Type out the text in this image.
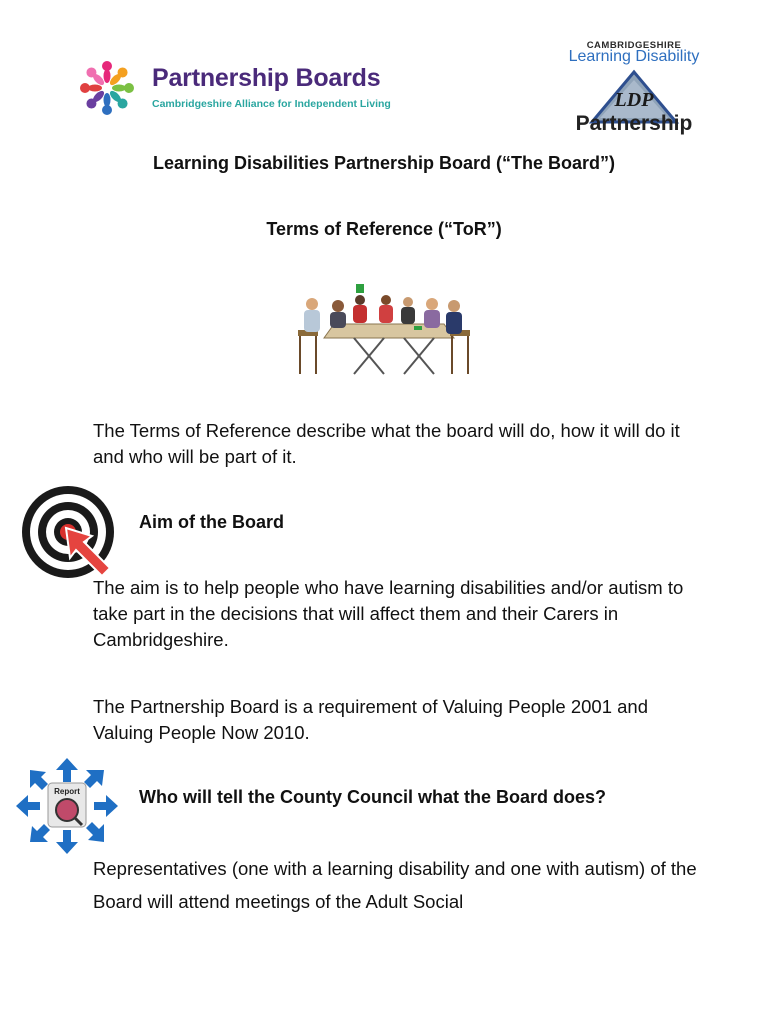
Partnership Boards
Cambridgeshire Alliance for Independent Living
CAMBRIDGESHIRE
Learning Disability
LDP
Partnership
Learning Disabilities Partnership Board (“The Board”)
Terms of Reference (“ToR”)
The Terms of Reference describe what the board will do, how it will do it and who will be part of it.
Aim of the Board
The aim is to help people who have learning disabilities and/or autism to take part in the decisions that will affect them and their Carers in Cambridgeshire.
The Partnership Board is a requirement of Valuing People 2001 and Valuing People Now 2010.
Report	Who will tell the County Council what the Board does?
Representatives (one with a learning disability and one with autism) of the Board will attend meetings of the Adult Social
